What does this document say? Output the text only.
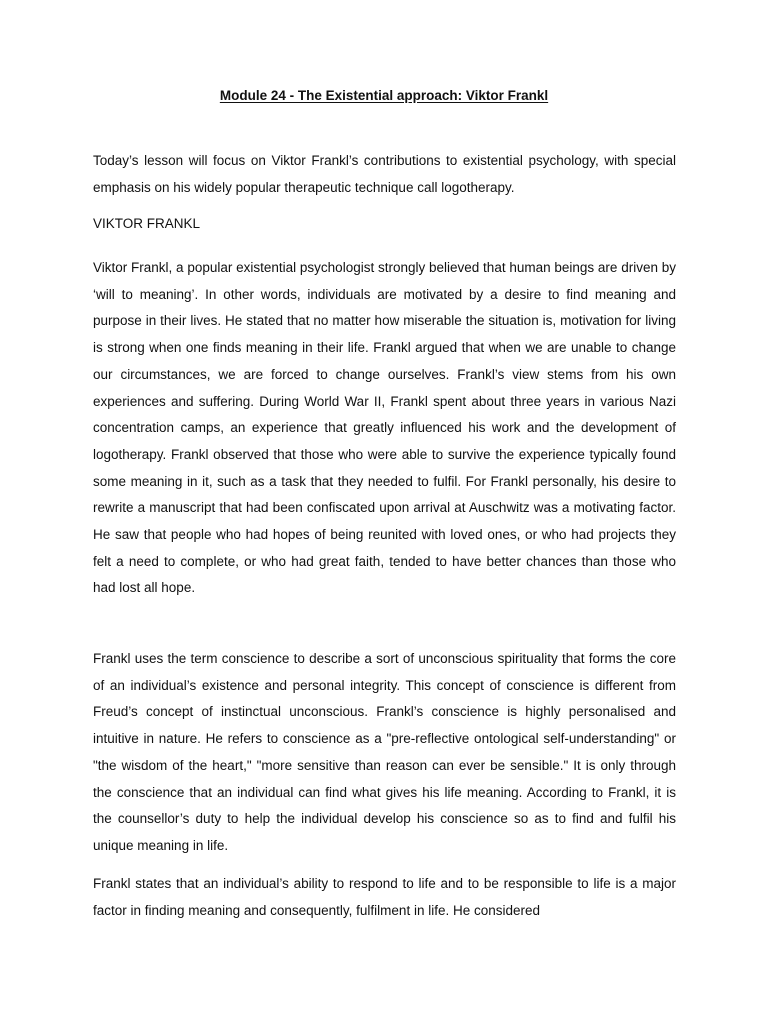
Module 24 - The Existential approach: Viktor Frankl

Today’s lesson will focus on Viktor Frankl’s contributions to existential psychology, with special emphasis on his widely popular therapeutic technique call logotherapy.

VIKTOR FRANKL

Viktor Frankl, a popular existential psychologist strongly believed that human beings are driven by ‘will to meaning’. In other words, individuals are motivated by a desire to find meaning and purpose in their lives. He stated that no matter how miserable the situation is, motivation for living is strong when one finds meaning in their life. Frankl argued that when we are unable to change our circumstances, we are forced to change ourselves. Frankl’s view stems from his own experiences and suffering. During World War II, Frankl spent about three years in various Nazi concentration camps, an experience that greatly influenced his work and the development of logotherapy. Frankl observed that those who were able to survive the experience typically found some meaning in it, such as a task that they needed to fulfil. For Frankl personally, his desire to rewrite a manuscript that had been confiscated upon arrival at Auschwitz was a motivating factor. He saw that people who had hopes of being reunited with loved ones, or who had projects they felt a need to complete, or who had great faith, tended to have better chances than those who had lost all hope.

Frankl uses the term conscience to describe a sort of unconscious spirituality that forms the core of an individual’s existence and personal integrity. This concept of conscience is different from Freud’s concept of instinctual unconscious. Frankl’s conscience is highly personalised and intuitive in nature. He refers to conscience as a "pre-reflective ontological self-understanding" or "the wisdom of the heart," "more sensitive than reason can ever be sensible." It is only through the conscience that an individual can find what gives his life meaning. According to Frankl, it is the counsellor’s duty to help the individual develop his conscience so as to find and fulfil his unique meaning in life.

Frankl states that an individual’s ability to respond to life and to be responsible to life is a major factor in finding meaning and consequently, fulfilment in life. He considered
